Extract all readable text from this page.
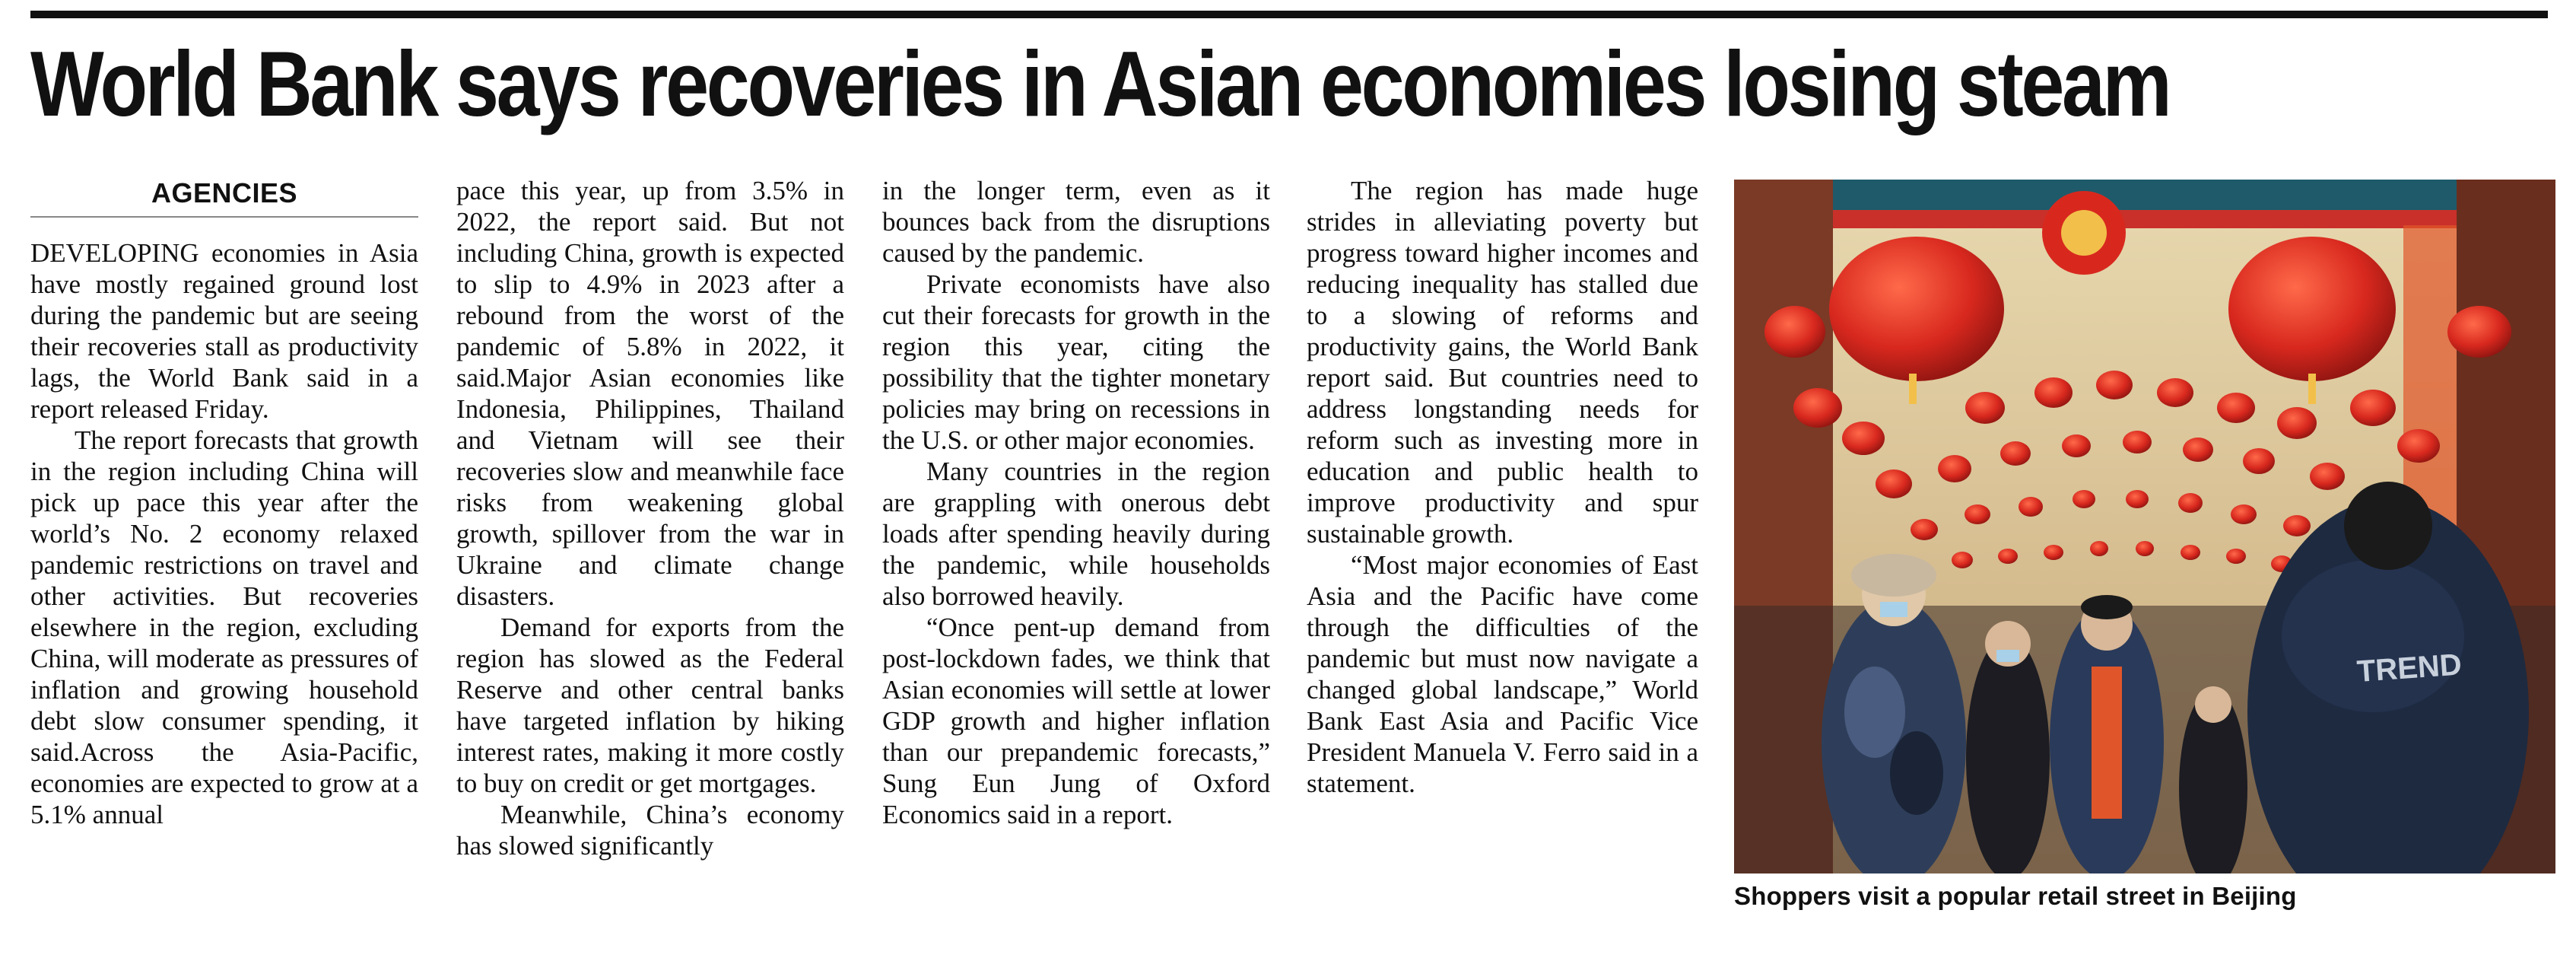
World Bank says recoveries in Asian economies losing steam
AGENCIES

DEVELOPING economies in Asia have mostly regained ground lost during the pandemic but are seeing their recoveries stall as productivity lags, the World Bank said in a report released Friday.

The report forecasts that growth in the region including China will pick up pace this year after the world’s No. 2 economy relaxed pandemic restrictions on travel and other activities. But recoveries elsewhere in the region, excluding China, will moderate as pressures of inflation and growing household debt slow consumer spending, it said.Across the Asia-Pacific, economies are expected to grow at a 5.1% annual

pace this year, up from 3.5% in 2022, the report said. But not including China, growth is expected to slip to 4.9% in 2023 after a rebound from the worst of the pandemic of 5.8% in 2022, it said.Major Asian economies like Indonesia, Philippines, Thailand and Vietnam will see their recoveries slow and meanwhile face risks from weakening global growth, spillover from the war in Ukraine and climate change disasters.

Demand for exports from the region has slowed as the Federal Reserve and other central banks have targeted inflation by hiking interest rates, making it more costly to buy on credit or get mortgages.

Meanwhile, China’s economy has slowed significantly

in the longer term, even as it bounces back from the disruptions caused by the pandemic.

Private economists have also cut their forecasts for growth in the region this year, citing the possibility that the tighter monetary policies may bring on recessions in the U.S. or other major economies.

Many countries in the region are grappling with onerous debt loads after spending heavily during the pandemic, while households also borrowed heavily.

“Once pent-up demand from post-lockdown fades, we think that Asian economies will settle at lower GDP growth and higher inflation than our prepandemic forecasts,” Sung Eun Jung of Oxford Economics said in a report.

The region has made huge strides in alleviating poverty but progress toward higher incomes and reducing inequality has stalled due to a slowing of reforms and productivity gains, the World Bank report said. But countries need to address longstanding needs for reform such as investing more in education and public health to improve productivity and spur sustainable growth.

“Most major economies of East Asia and the Pacific have come through the difficulties of the pandemic but must now navigate a changed global landscape,” World Bank East Asia and Pacific Vice President Manuela V. Ferro said in a statement.

TREND
Shoppers visit a popular retail street in Beijing
